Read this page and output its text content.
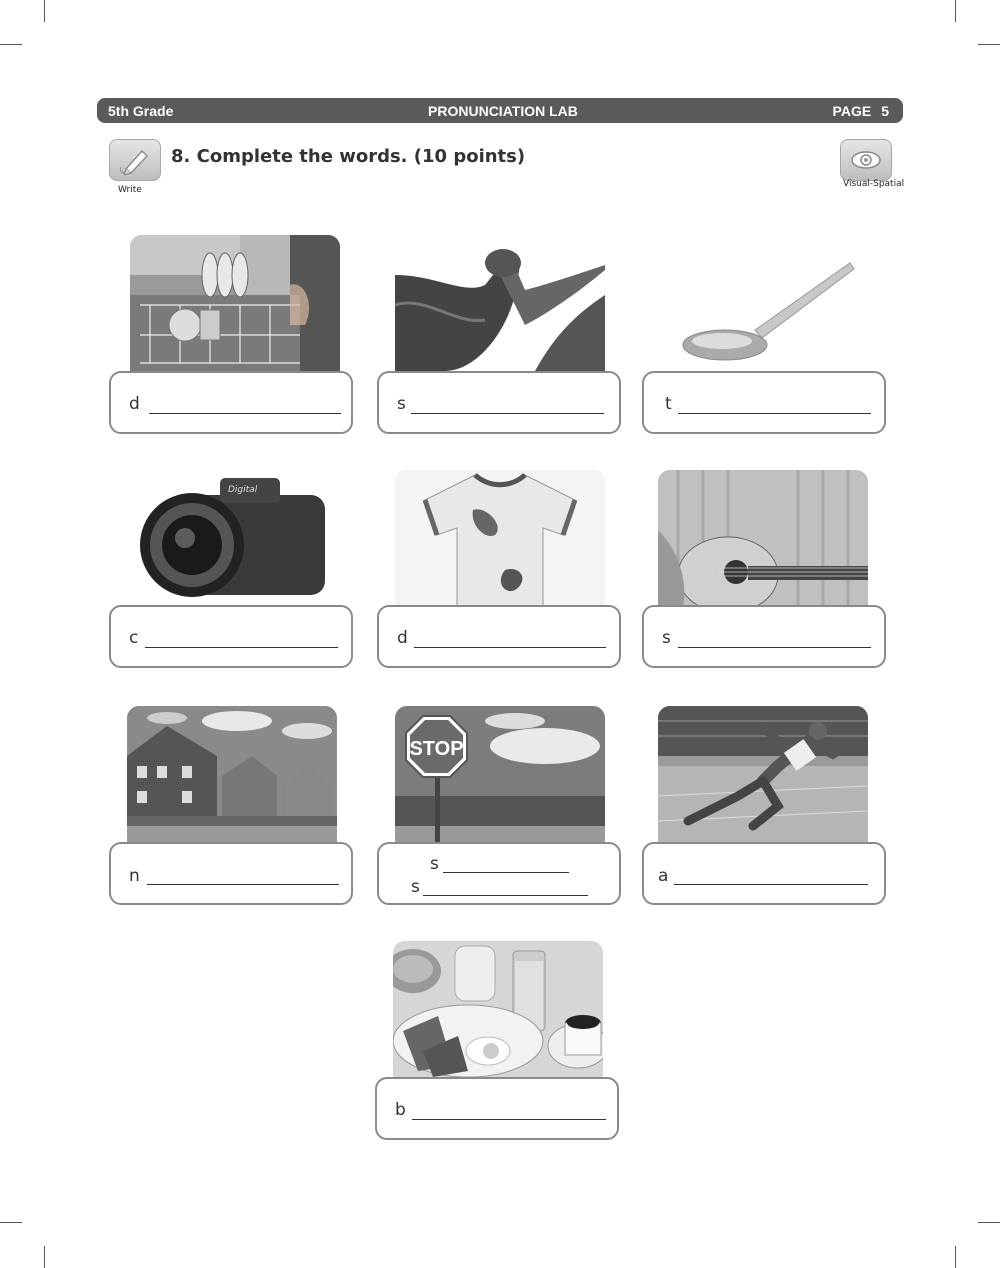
5th Grade	PRONUNCIATION LAB	PAGE 5
Write
8. Complete the words. (10 points)
Visual-Spatial
d	s	t
Digital
c	d	s
n
STOP
s
s
a
b
